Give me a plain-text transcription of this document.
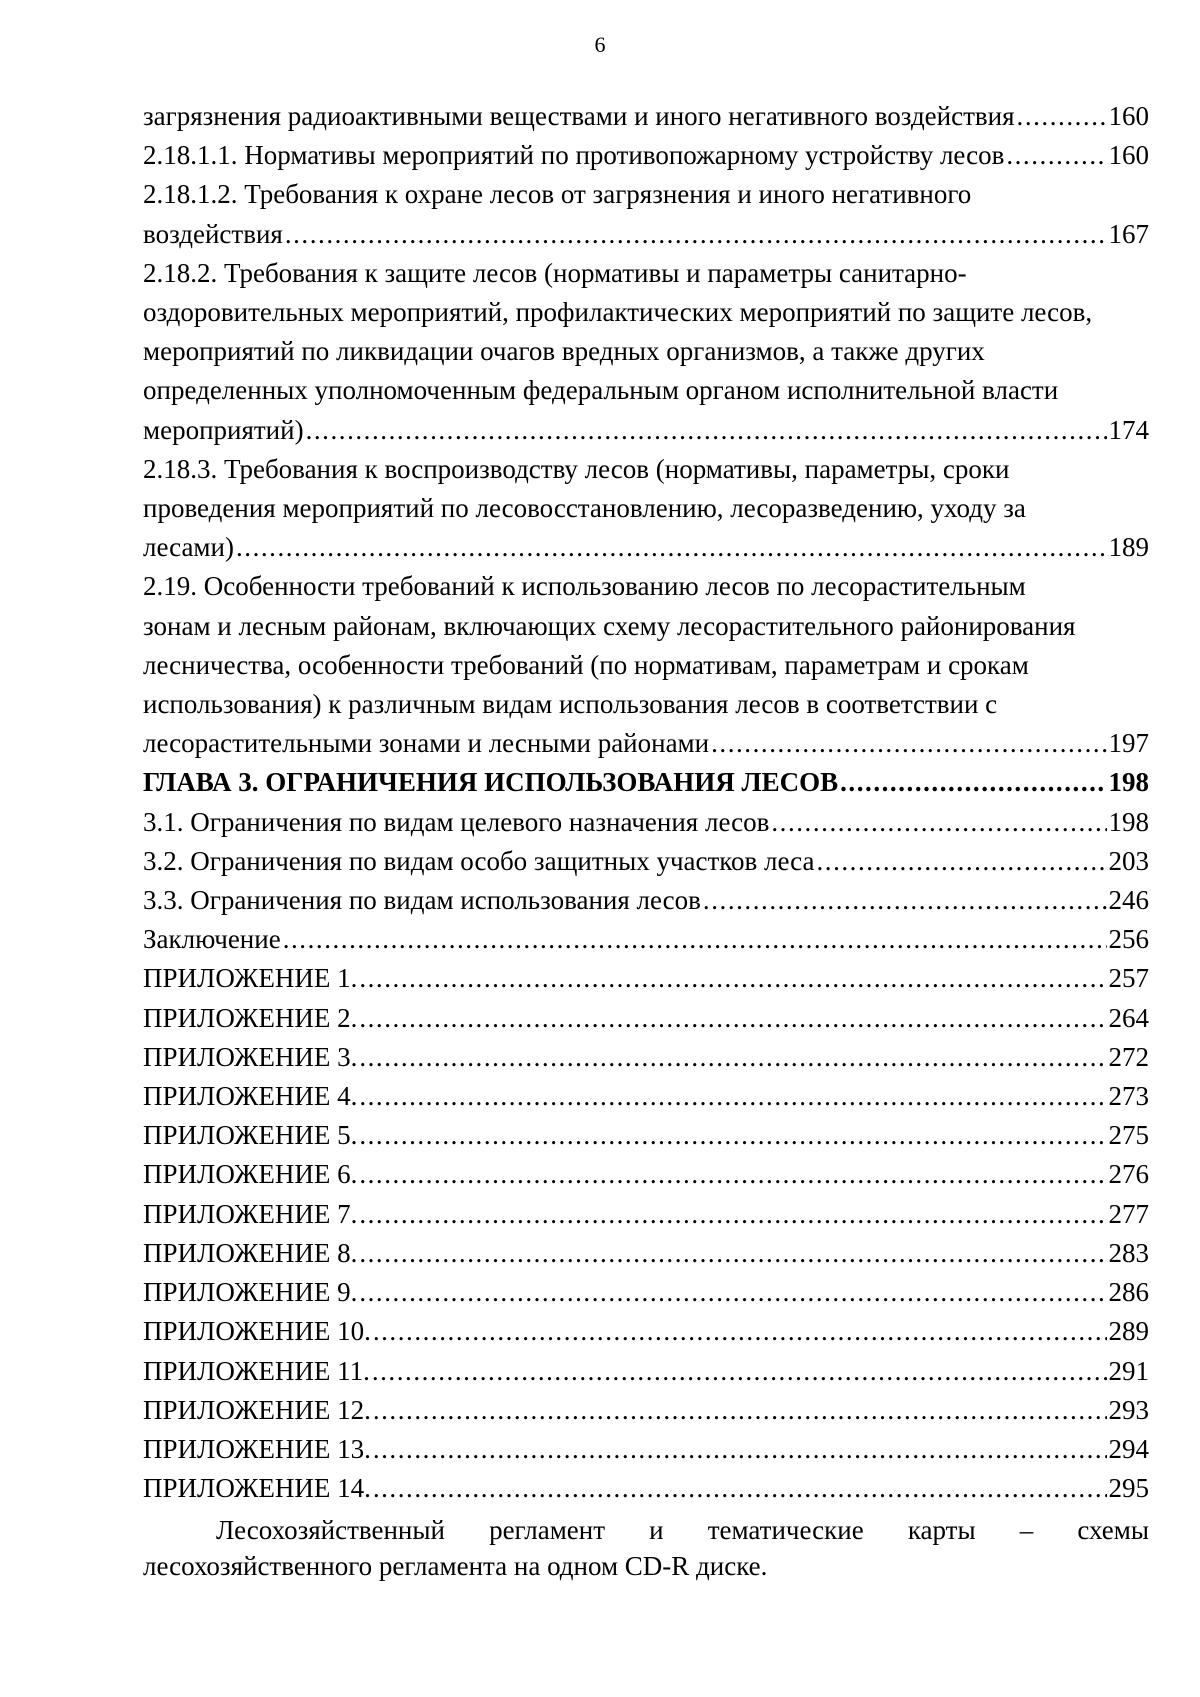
6
загрязнения радиоактивными веществами и иного негативного воздействия . . .	160
2.18.1.1. Нормативы мероприятий по противопожарному устройству лесов . . .	160
2.18.1.2. Требования к охране лесов от загрязнения и иного негативного
воздействия . . .	167
2.18.2. Требования к защите лесов (нормативы и параметры санитарно-
оздоровительных мероприятий, профилактических мероприятий по защите лесов,
мероприятий по ликвидации очагов вредных организмов, а также других
определенных уполномоченным федеральным органом исполнительной власти
мероприятий) . . .	174
2.18.3. Требования к воспроизводству лесов (нормативы, параметры, сроки
проведения мероприятий по лесовосстановлению, лесоразведению, уходу за
лесами) . . .	189
2.19. Особенности требований к использованию лесов по лесорастительным
зонам и лесным районам, включающих схему лесорастительного районирования
лесничества, особенности требований (по нормативам, параметрам и срокам
использования) к различным видам использования лесов в соответствии с
лесорастительными зонами и лесными районами . . .	197
ГЛАВА 3. ОГРАНИЧЕНИЯ ИСПОЛЬЗОВАНИЯ ЛЕСОВ . . .	198
3.1. Ограничения по видам целевого назначения лесов . . .	198
3.2. Ограничения по видам особо защитных участков леса . . .	203
3.3. Ограничения по видам использования лесов . . .	246
Заключение . . .	256
ПРИЛОЖЕНИЕ 1. . . .	257
ПРИЛОЖЕНИЕ 2. . . .	264
ПРИЛОЖЕНИЕ 3. . . .	272
ПРИЛОЖЕНИЕ 4. . . .	273
ПРИЛОЖЕНИЕ 5. . . .	275
ПРИЛОЖЕНИЕ 6. . . .	276
ПРИЛОЖЕНИЕ 7. . . .	277
ПРИЛОЖЕНИЕ 8. . . .	283
ПРИЛОЖЕНИЕ 9. . . .	286
ПРИЛОЖЕНИЕ 10. . . .	289
ПРИЛОЖЕНИЕ 11. . . .	291
ПРИЛОЖЕНИЕ 12. . . .	293
ПРИЛОЖЕНИЕ 13. . . .	294
ПРИЛОЖЕНИЕ 14. . . .	295
Лесохозяйственный регламент и тематические карты – схемы
лесохозяйственного регламента на одном CD-R диске.
